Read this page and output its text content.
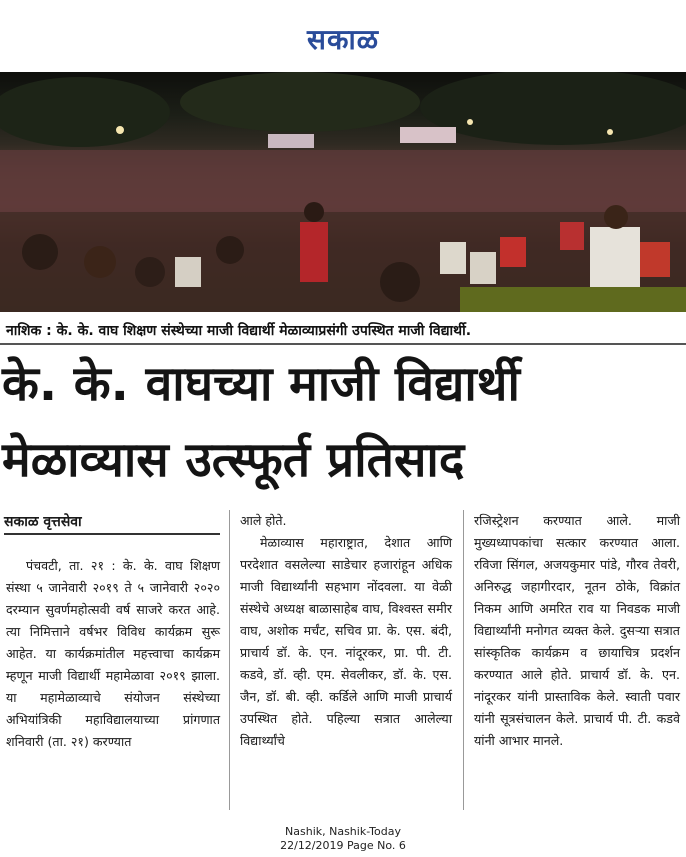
सकाळ
नाशिक : के. के. वाघ शिक्षण संस्थेच्या माजी विद्यार्थी मेळाव्याप्रसंगी उपस्थित माजी विद्यार्थी.
के. के. वाघच्या माजी विद्यार्थी
मेळाव्यास उत्स्फूर्त प्रतिसाद
सकाळ वृत्तसेवा

पंचवटी, ता. २१ : के. के. वाघ शिक्षण संस्था ५ जानेवारी २०१९ ते ५ जानेवारी २०२० दरम्यान सुवर्णमहोत्सवी वर्ष साजरे करत आहे. त्या निमित्ताने वर्षभर विविध कार्यक्रम सुरू आहेत. या कार्यक्रमांतील महत्त्वाचा कार्यक्रम म्हणून माजी विद्यार्थी महामेळावा २०१९ झाला. या महामेळाव्याचे संयोजन संस्थेच्या अभियांत्रिकी महाविद्यालयाच्या प्रांगणात शनिवारी (ता. २१) करण्यात

आले होते.

मेळाव्यास महाराष्ट्रात, देशात आणि परदेशात वसलेल्या साडेचार हजारांहून अधिक माजी विद्यार्थ्यांनी सहभाग नोंदवला. या वेळी संस्थेचे अध्यक्ष बाळासाहेब वाघ, विश्‍वस्त समीर वाघ, अशोक मर्चंट, सचिव प्रा. के. एस. बंदी, प्राचार्य डॉ. के. एन. नांदूरकर, प्रा. पी. टी. कडवे, डॉ. व्ही. एम. सेवलीकर, डॉ. के. एस. जैन, डॉ. बी. व्ही. कर्डिले आणि माजी प्राचार्य उपस्थित होते. पहिल्या सत्रात आलेल्या विद्यार्थ्यांचे

रजिस्ट्रेशन करण्यात आले. माजी मुख्यध्यापकांचा सत्कार करण्यात आला. रविजा सिंगल, अजयकुमार पांडे, गौरव तेवरी, अनिरुद्ध जहागीरदार, नूतन ठोके, विक्रांत निकम आणि अमरित राव या निवडक माजी विद्यार्थ्यांनी मनोगत व्यक्त केले. दुसऱ्या सत्रात सांस्कृतिक कार्यक्रम व छायाचित्र प्रदर्शन करण्यात आले होते. प्राचार्य डॉ. के. एन. नांदूरकर यांनी प्रास्ताविक केले. स्वाती पवार यांनी सूत्रसंचालन केले. प्राचार्य पी. टी. कडवे यांनी आभार मानले.

Nashik, Nashik-Today
22/12/2019 Page No. 6
